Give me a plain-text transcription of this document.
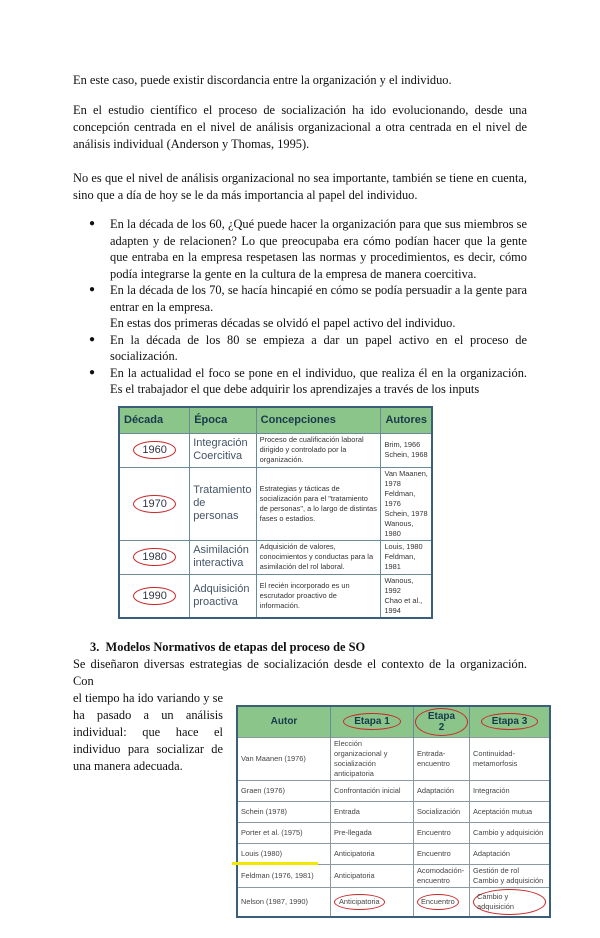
En este caso, puede existir discordancia entre la organización y el individuo.

En el estudio científico el proceso de socialización ha ido evolucionando, desde una concepción centrada en el nivel de análisis organizacional a otra centrada en el nivel de análisis individual (Anderson y Thomas, 1995).

No es que el nivel de análisis organizacional no sea importante, también se tiene en cuenta, sino que a día de hoy se le da más importancia al papel del individuo.

● En la década de los 60, ¿Qué puede hacer la organización para que sus miembros se adapten y de relacionen? Lo que preocupaba era cómo podían hacer que la gente que entraba en la empresa respetasen las normas y procedimientos, es decir, cómo podía integrarse la gente en la cultura de la empresa de manera coercitiva.
● En la década de los 70, se hacía hincapié en cómo se podía persuadir a la gente para entrar en la empresa.
En estas dos primeras décadas se olvidó el papel activo del individuo.
● En la década de los 80 se empieza a dar un papel activo en el proceso de socialización.
● En la actualidad el foco se pone en el individuo, que realiza él en la organización. Es el trabajador el que debe adquirir los aprendizajes a través de los inputs
Década	Época	Concepciones	Autores
1960	Integración Coercitiva	Proceso de cualificación laboral dirigido y controlado por la organización.	Brim, 1966
Schein, 1968

1970	Tratamiento de personas	Estrategias y tácticas de socialización para el "tratamiento de personas", a lo largo de distintas fases o estadios.	Van Maanen, 1978
Feldman, 1976
Schein, 1978
Wanous, 1980

1980	Asimilación interactiva	Adquisición de valores, conocimientos y conductas para la asimilación del rol laboral.	Louis, 1980
Feldman, 1981

1990	Adquisición proactiva	El recién incorporado es un escrutador proactivo de información.	Wanous, 1992
Chao et al., 1994
3. Modelos Normativos de etapas del proceso de SO

Se diseñaron diversas estrategias de socialización desde el contexto de la organización. Con

el tiempo ha ido variando y se ha pasado a un análisis individual: que hace el individuo para socializar de una manera adecuada.
Autor	Etapa 1	Etapa 2	Etapa 3
Van Maanen (1976)	Elección organizacional y socialización anticipatoria	Entrada-encuentro	Continuidad-metamorfosis
Graen (1976)	Confrontación inicial	Adaptación	Integración
Schein (1978)	Entrada	Socialización	Aceptación mutua
Porter et al. (1975)	Pre-llegada	Encuentro	Cambio y adquisición
Louis (1980)	Anticipatoria	Encuentro	Adaptación

Feldman (1976, 1981)	Anticipatoria	Acomodación-encuentro	Gestión de rol Cambio y adquisición
Nelson (1987, 1990)	Anticipatoria	Encuentro	Cambio y adquisición
